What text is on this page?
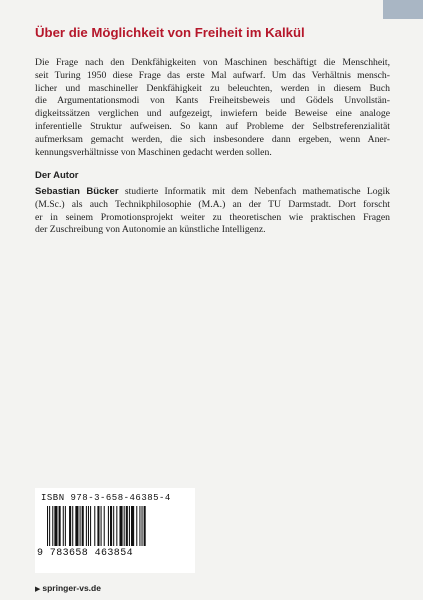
Über die Möglichkeit von Freiheit im Kalkül
Die Frage nach den Denkfähigkeiten von Maschinen beschäftigt die Menschheit,
seit Turing 1950 diese Frage das erste Mal aufwarf. Um das Verhältnis mensch-
licher und maschineller Denkfähigkeit zu beleuchten, werden in diesem Buch
die Argumentationsmodi von Kants Freiheitsbeweis und Gödels Unvollstän-
digkeitssätzen verglichen und aufgezeigt, inwiefern beide Beweise eine analoge
inferentielle Struktur aufweisen. So kann auf Probleme der Selbstreferenzialität
aufmerksam gemacht werden, die sich insbesondere dann ergeben, wenn Aner-
kennungsverhältnisse von Maschinen gedacht werden sollen.
Der Autor
Sebastian Bücker studierte Informatik mit dem Nebenfach mathematische Logik
(M.Sc.) als auch Technikphilosophie (M.A.) an der TU Darmstadt. Dort forscht
er in seinem Promotionsprojekt weiter zu theoretischen wie praktischen Fragen
der Zuschreibung von Autonomie an künstliche Intelligenz.
ISBN 978-3-658-46385-4
9 783658 463854
▶ springer-vs.de
